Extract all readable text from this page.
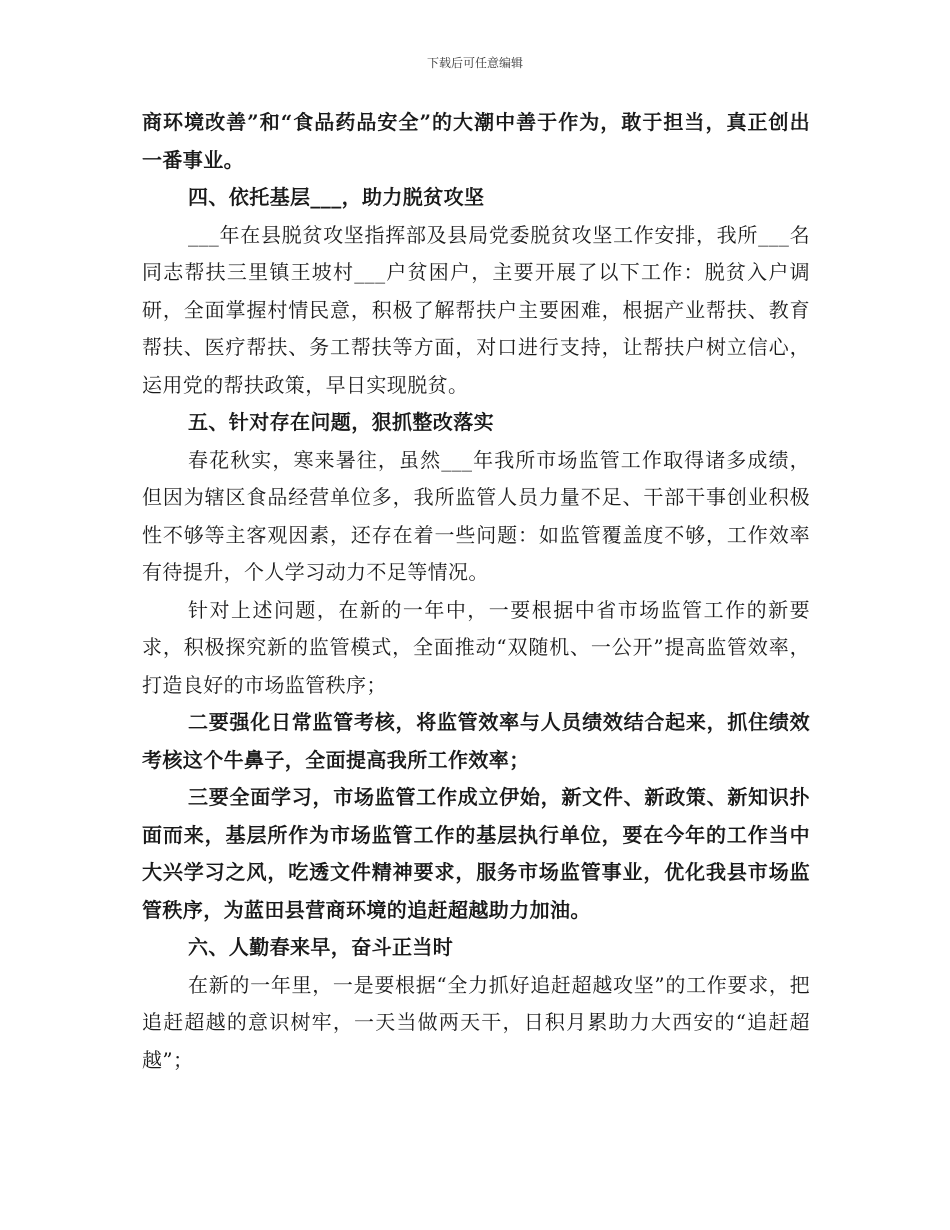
下载后可任意编辑

商环境改善”和“食品药品安全”的大潮中善于作为，敢于担当，真正创出一番事业。

四、依托基层___，助力脱贫攻坚

___年在县脱贫攻坚指挥部及县局党委脱贫攻坚工作安排，我所___名同志帮扶三里镇王坡村___户贫困户，主要开展了以下工作：脱贫入户调研，全面掌握村情民意，积极了解帮扶户主要困难，根据产业帮扶、教育帮扶、医疗帮扶、务工帮扶等方面，对口进行支持，让帮扶户树立信心，运用党的帮扶政策，早日实现脱贫。

五、针对存在问题，狠抓整改落实

春花秋实，寒来暑往，虽然___年我所市场监管工作取得诸多成绩，但因为辖区食品经营单位多，我所监管人员力量不足、干部干事创业积极性不够等主客观因素，还存在着一些问题：如监管覆盖度不够，工作效率有待提升，个人学习动力不足等情况。

针对上述问题，在新的一年中，一要根据中省市场监管工作的新要求，积极探究新的监管模式，全面推动“双随机、一公开”提高监管效率，打造良好的市场监管秩序；

二要强化日常监管考核，将监管效率与人员绩效结合起来，抓住绩效考核这个牛鼻子，全面提高我所工作效率；

三要全面学习，市场监管工作成立伊始，新文件、新政策、新知识扑面而来，基层所作为市场监管工作的基层执行单位，要在今年的工作当中大兴学习之风，吃透文件精神要求，服务市场监管事业，优化我县市场监管秩序，为蓝田县营商环境的追赶超越助力加油。

六、人勤春来早，奋斗正当时

在新的一年里，一是要根据“全力抓好追赶超越攻坚”的工作要求，把追赶超越的意识树牢，一天当做两天干，日积月累助力大西安的“追赶超越”；
